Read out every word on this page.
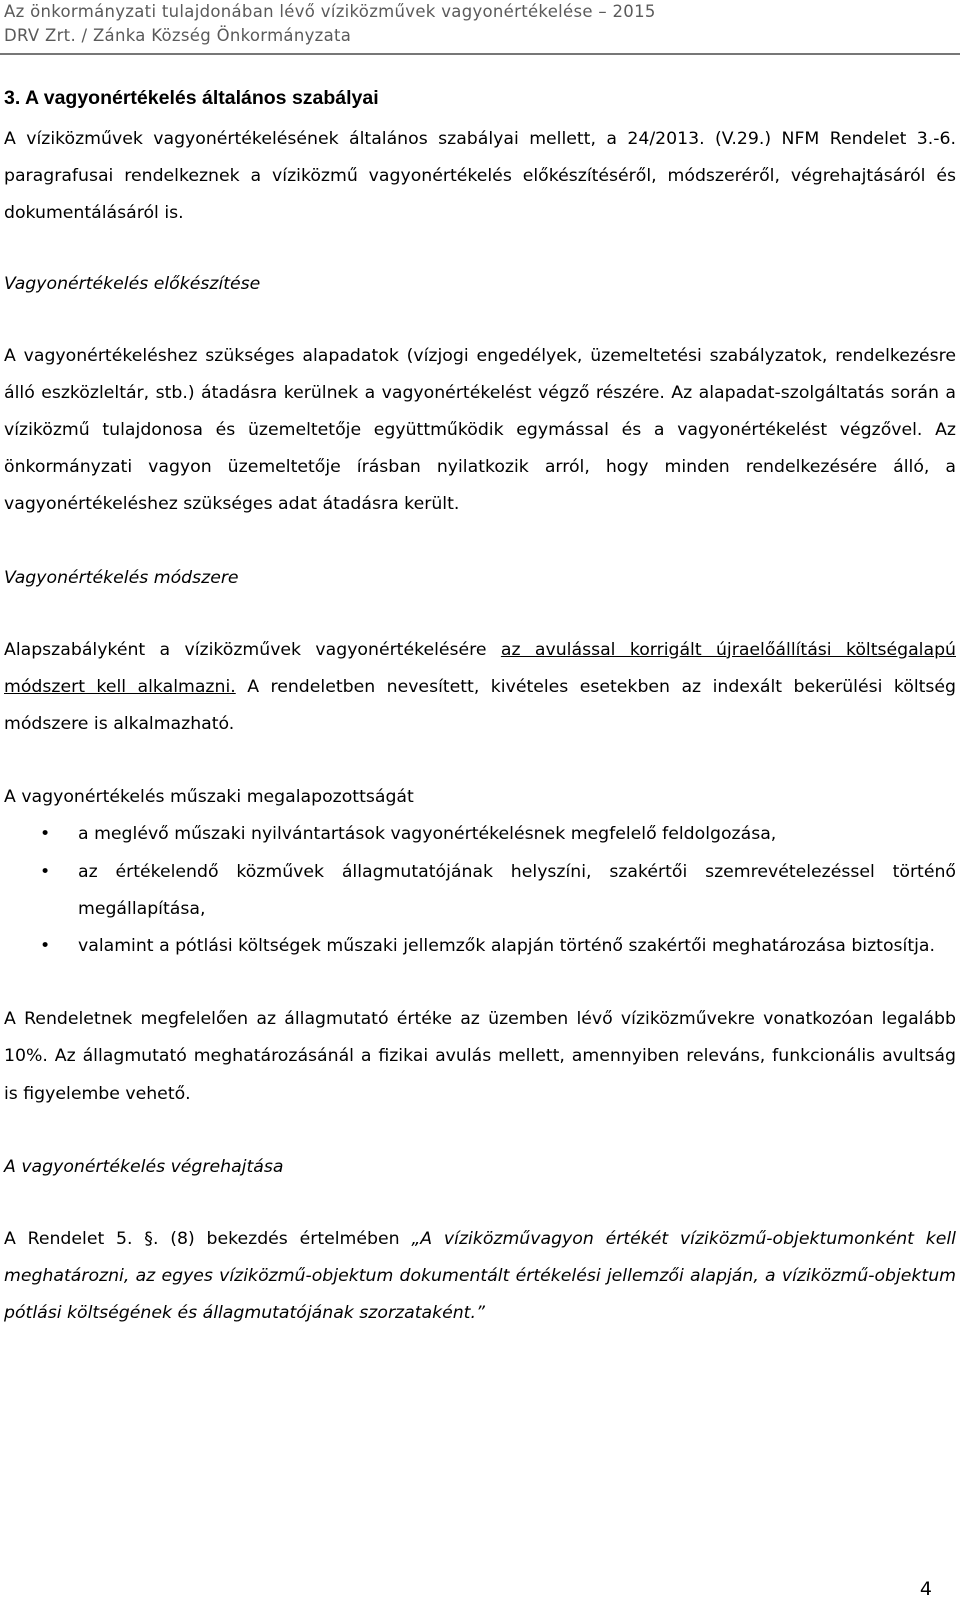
Az önkormányzati tulajdonában lévő víziközművek vagyonértékelése – 2015
DRV Zrt. / Zánka Község Önkormányzata
3. A vagyonértékelés általános szabályai

A víziközművek vagyonértékelésének általános szabályai mellett, a 24/2013. (V.29.) NFM Rendelet 3.-6. paragrafusai rendelkeznek a víziközmű vagyonértékelés előkészítéséről, módszeréről, végrehajtásáról és dokumentálásáról is.

Vagyonértékelés előkészítése

A vagyonértékeléshez szükséges alapadatok (vízjogi engedélyek, üzemeltetési szabályzatok, rendelkezésre álló eszközleltár, stb.) átadásra kerülnek a vagyonértékelést végző részére. Az alapadat-szolgáltatás során a víziközmű tulajdonosa és üzemeltetője együttműködik egymással és a vagyonértékelést végzővel. Az önkormányzati vagyon üzemeltetője írásban nyilatkozik arról, hogy minden rendelkezésére álló, a vagyonértékeléshez szükséges adat átadásra került.

Vagyonértékelés módszere

Alapszabályként a víziközművek vagyonértékelésére az avulással korrigált újraelőállítási költségalapú módszert kell alkalmazni. A rendeletben nevesített, kivételes esetekben az indexált bekerülési költség módszere is alkalmazható.

A vagyonértékelés műszaki megalapozottságát

• a meglévő műszaki nyilvántartások vagyonértékelésnek megfelelő feldolgozása,
• az értékelendő közművek állagmutatójának helyszíni, szakértői szemrevételezéssel történő megállapítása,
• valamint a pótlási költségek műszaki jellemzők alapján történő szakértői meghatározása biztosítja.

A Rendeletnek megfelelően az állagmutató értéke az üzemben lévő víziközművekre vonatkozóan legalább 10%. Az állagmutató meghatározásánál a fizikai avulás mellett, amennyiben releváns, funkcionális avultság is figyelembe vehető.

A vagyonértékelés végrehajtása

A Rendelet 5. §. (8) bekezdés értelmében „A víziközművagyon értékét víziközmű-objektumonként kell meghatározni, az egyes víziközmű-objektum dokumentált értékelési jellemzői alapján, a víziközmű-objektum pótlási költségének és állagmutatójának szorzataként.”

4
